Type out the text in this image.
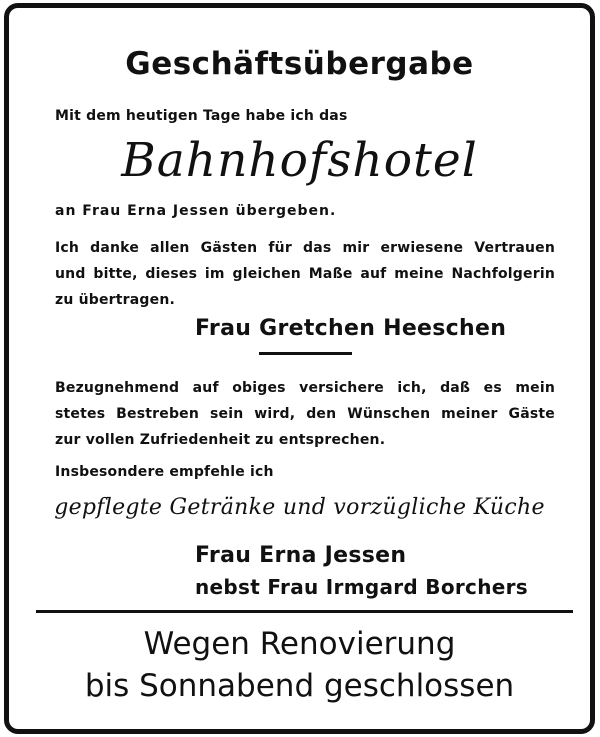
Geschäftsübergabe

Mit dem heutigen Tage habe ich das

Bahnhofshotel

an Frau Erna Jessen übergeben.

Ich danke allen Gästen für das mir erwiesene Vertrauen

und bitte, dieses im gleichen Maße auf meine Nachfolgerin

zu übertragen.

Frau Gretchen Heeschen

Bezugnehmend auf obiges versichere ich, daß es mein

stetes Bestreben sein wird, den Wünschen meiner Gäste

zur vollen Zufriedenheit zu entsprechen.

Insbesondere empfehle ich

gepflegte Getränke und vorzügliche Küche

Frau Erna Jessen

nebst Frau Irmgard Borchers

Wegen Renovierung

bis Sonnabend geschlossen
